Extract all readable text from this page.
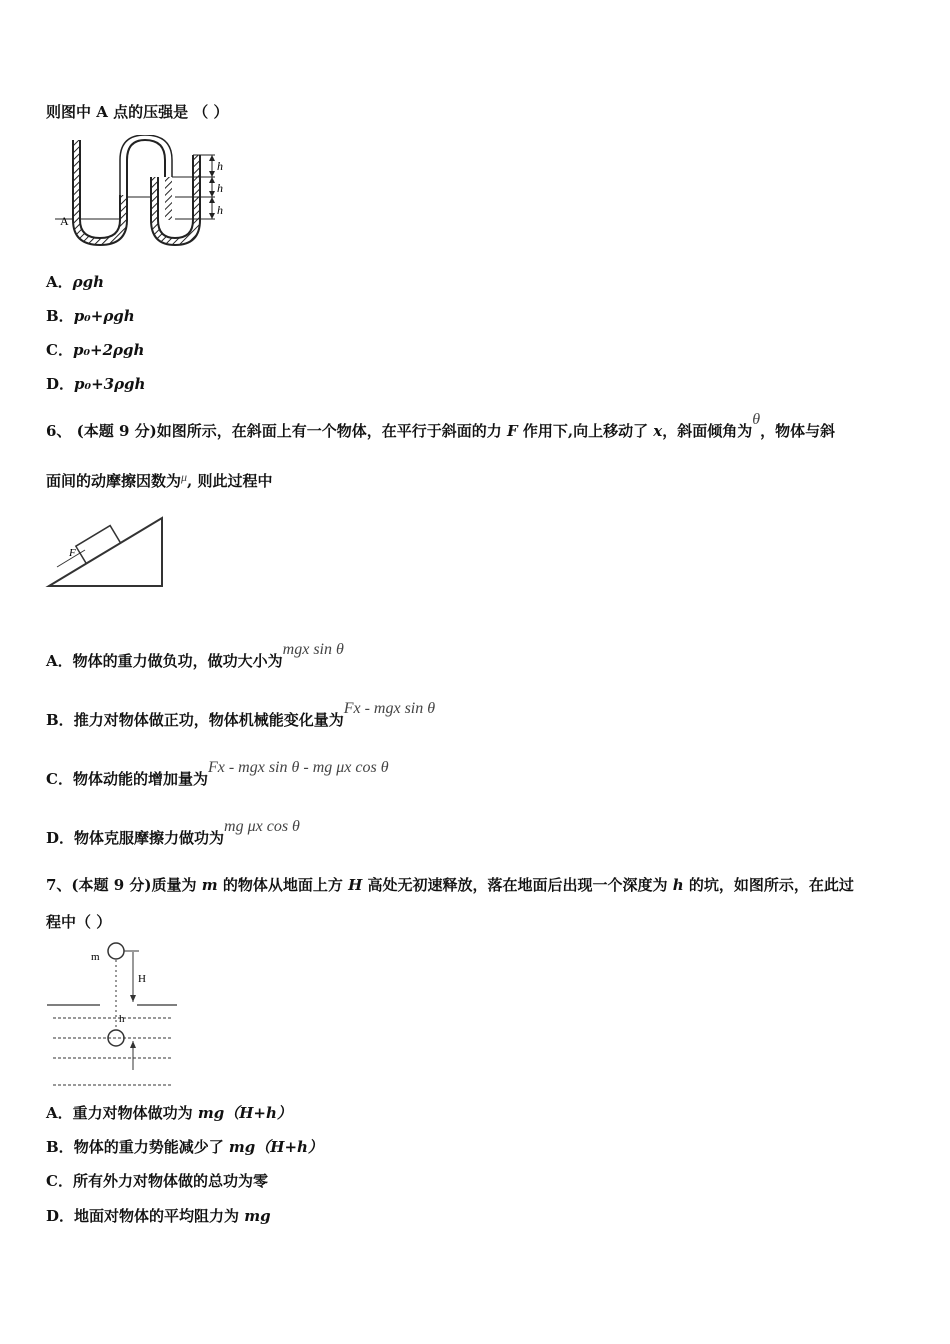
则图中 A 点的压强是 （ ）
A
h
h
h
A．ρgh
B．p₀+ρgh
C．p₀+2ρgh
D．p₀+3ρgh
6、 (本题 9 分)如图所示，在斜面上有一个物体，在平行于斜面的力 F 作用下,向上移动了 x，斜面倾角为θ，物体与斜
面间的动摩擦因数为$^\mu$, 则此过程中
F
A．物体的重力做负功，做功大小为mgx sin θ
B．推力对物体做正功，物体机械能变化量为Fx - mgx sin θ
C．物体动能的增加量为Fx - mgx sin θ - mg μx cos θ
D．物体克服摩擦力做功为mg μx cos θ
7、(本题 9 分)质量为 m 的物体从地面上方 H 高处无初速释放，落在地面后出现一个深度为 h 的坑，如图所示，在此过
程中（ ）
m
H
h
A．重力对物体做功为 mg（H+h）
B．物体的重力势能减少了 mg（H+h）
C．所有外力对物体做的总功为零
D．地面对物体的平均阻力为 mg
